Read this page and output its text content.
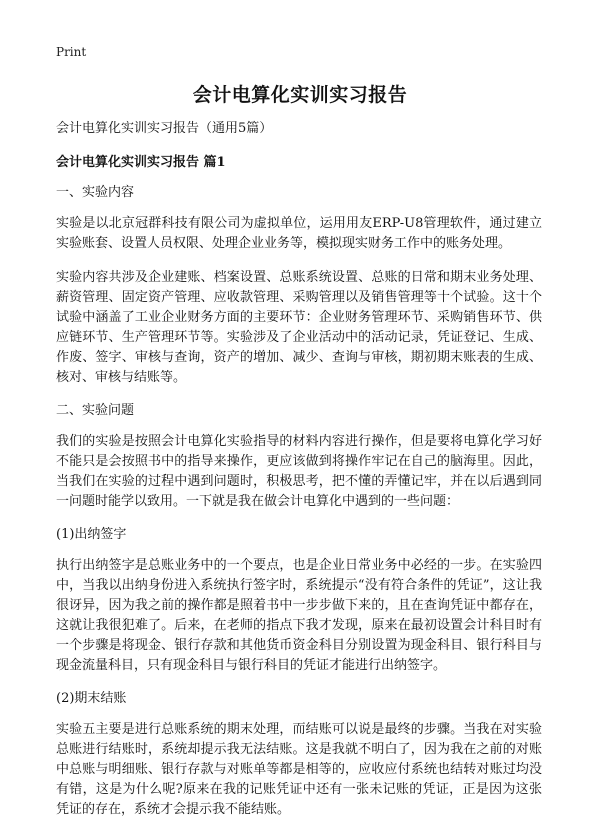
Print
会计电算化实训实习报告

会计电算化实训实习报告（通用5篇）

会计电算化实训实习报告 篇1

一、实验内容

实验是以北京冠群科技有限公司为虚拟单位，运用用友ERP-U8管理软件，通过建立实验账套、设置人员权限、处理企业业务等，模拟现实财务工作中的账务处理。

实验内容共涉及企业建账、档案设置、总账系统设置、总账的日常和期末业务处理、薪资管理、固定资产管理、应收款管理、采购管理以及销售管理等十个试验。这十个试验中涵盖了工业企业财务方面的主要环节：企业财务管理环节、采购销售环节、供应链环节、生产管理环节等。实验涉及了企业活动中的活动记录，凭证登记、生成、作废、签字、审核与查询，资产的增加、减少、查询与审核，期初期末账表的生成、核对、审核与结账等。

二、实验问题

我们的实验是按照会计电算化实验指导的材料内容进行操作，但是要将电算化学习好不能只是会按照书中的指导来操作，更应该做到将操作牢记在自己的脑海里。因此，当我们在实验的过程中遇到问题时，积极思考，把不懂的弄懂记牢，并在以后遇到同一问题时能学以致用。一下就是我在做会计电算化中遇到的一些问题：

(1)出纳签字

执行出纳签字是总账业务中的一个要点，也是企业日常业务中必经的一步。在实验四中，当我以出纳身份进入系统执行签字时，系统提示“没有符合条件的凭证”，这让我很讶异，因为我之前的操作都是照着书中一步步做下来的，且在查询凭证中都存在，这就让我很犯难了。后来，在老师的指点下我才发现，原来在最初设置会计科目时有一个步骤是将现金、银行存款和其他货币资金科目分别设置为现金科目、银行科目与现金流量科目，只有现金科目与银行科目的凭证才能进行出纳签字。

(2)期末结账

实验五主要是进行总账系统的期末处理，而结账可以说是最终的步骤。当我在对实验总账进行结账时，系统却提示我无法结账。这是我就不明白了，因为我在之前的对账中总账与明细账、银行存款与对账单等都是相等的，应收应付系统也结转对账过均没有错，这是为什么呢?原来在我的记账凭证中还有一张未记账的凭证，正是因为这张凭证的存在，系统才会提示我不能结账。
